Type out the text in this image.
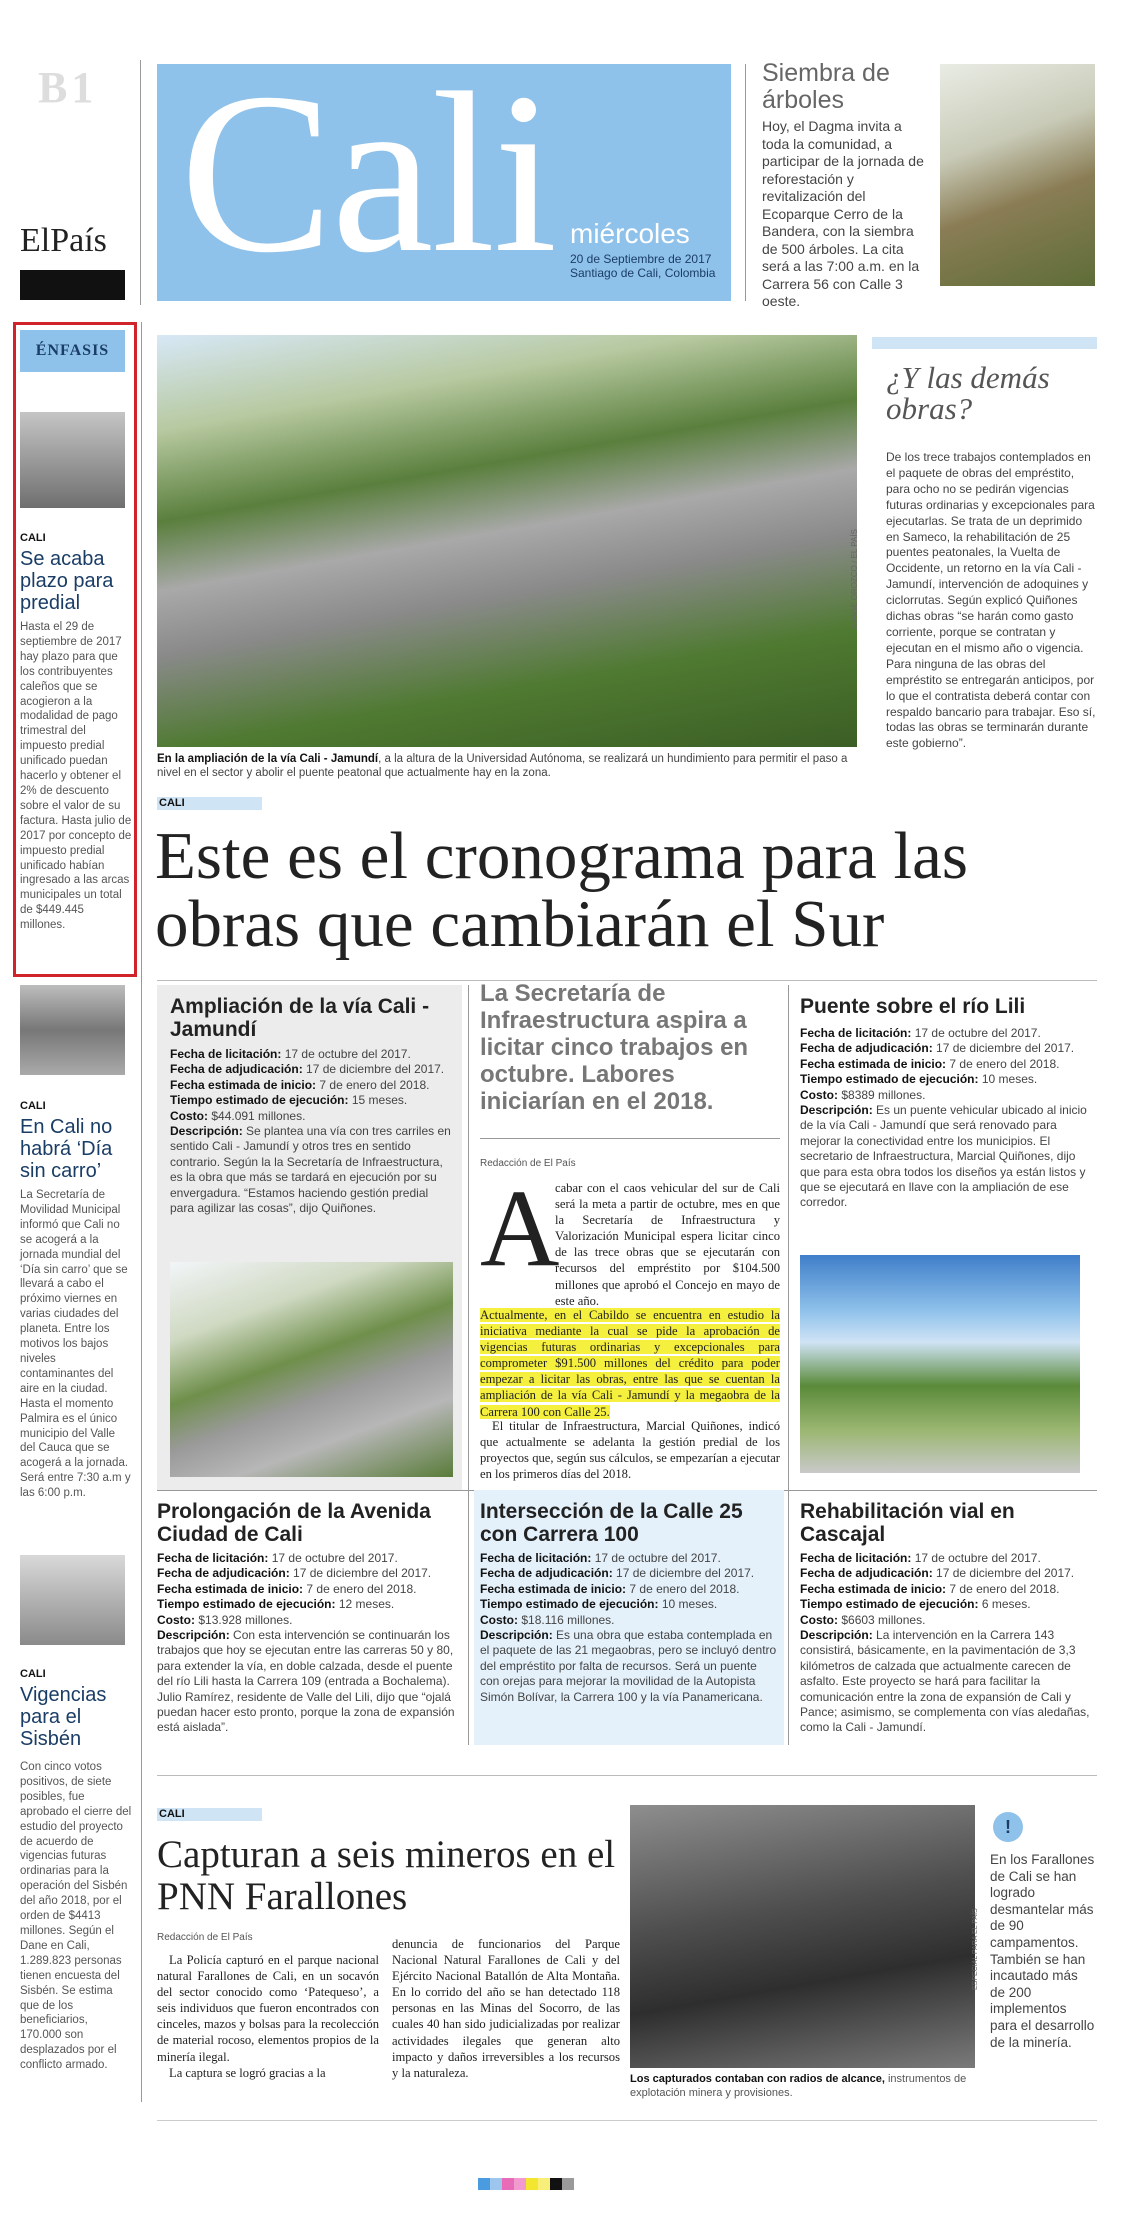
B1
ElPaís Cali miércoles
20 de Septiembre de 2017
Santiago de Cali, Colombia
Siembra de árboles
Hoy, el Dagma invita a toda la comunidad, a participar de la jornada de reforestación y revitalización del Ecoparque Cerro de la Bandera, con la siembra de 500 árboles. La cita será a las 7:00 a.m. en la Carrera 56 con Calle 3 oeste.
ÉNFASIS
CALI
Se acaba plazo para predial
Hasta el 29 de septiembre de 2017 hay plazo para que los contribuyentes caleños que se acogieron a la modalidad de pago trimestral del impuesto predial unificado puedan hacerlo y obtener el 2% de descuento sobre el valor de su factura. Hasta julio de 2017 por concepto de impuesto predial unificado habían ingresado a las arcas municipales un total de $449.445 millones.
CALI
En Cali no habrá ‘Día sin carro’
La Secretaría de Movilidad Municipal informó que Cali no se acogerá a la jornada mundial del ‘Día sin carro’ que se llevará a cabo el próximo viernes en varias ciudades del planeta. Entre los motivos los bajos niveles contaminantes del aire en la ciudad. Hasta el momento Palmira es el único municipio del Valle del Cauca que se acogerá a la jornada. Será entre 7:30 a.m y las 6:00 p.m.
CALI
Vigencias para el Sisbén
Con cinco votos positivos, de siete posibles, fue aprobado el cierre del estudio del proyecto de acuerdo de vigencias futuras ordinarias para la operación del Sisbén del año 2018, por el orden de $4413 millones. Según el Dane en Cali, 1.289.823 personas tienen encuesta del Sisbén. Se estima que de los beneficiarios, 170.000 son desplazados por el conflicto armado.
JORGE OROZCO / EL PAÍS
En la ampliación de la vía Cali - Jamundí, a la altura de la Universidad Autónoma, se realizará un hundimiento para permitir el paso a nivel en el sector y abolir el puente peatonal que actualmente hay en la zona.
¿Y las demás obras?
De los trece trabajos contemplados en el paquete de obras del empréstito, para ocho no se pedirán vigencias futuras ordinarias y excepcionales para ejecutarlas. Se trata de un deprimido en Sameco, la rehabilitación de 25 puentes peatonales, la Vuelta de Occidente, un retorno en la vía Cali - Jamundí, intervención de adoquines y ciclorrutas. Según explicó Quiñones dichas obras “se harán como gasto corriente, porque se contratan y ejecutan en el mismo año o vigencia. Para ninguna de las obras del empréstito se entregarán anticipos, por lo que el contratista deberá contar con respaldo bancario para trabajar. Eso sí, todas las obras se terminarán durante este gobierno”.
CALI
Este es el cronograma para las obras que cambiarán el Sur
Ampliación de la vía Cali - Jamundí
Fecha de licitación: 17 de octubre del 2017.
Fecha de adjudicación: 17 de diciembre del 2017.
Fecha estimada de inicio: 7 de enero del 2018.
Tiempo estimado de ejecución: 15 meses.
Costo: $44.091 millones.
Descripción: Se plantea una vía con tres carriles en sentido Cali - Jamundí y otros tres en sentido contrario. Según la la Secretaría de Infraestructura, es la obra que más se tardará en ejecución por su envergadura. “Estamos haciendo gestión predial para agilizar las cosas”, dijo Quiñones.
La Secretaría de Infraestructura aspira a licitar cinco trabajos en octubre. Labores iniciarían en el 2018.
Redacción de El País
A
cabar con el caos vehicular del sur de Cali será la meta a partir de octubre, mes en que la Secretaría de Infraestructura y Valorización Municipal espera licitar cinco de las trece obras que se ejecutarán con recursos del empréstito por $104.500 millones que aprobó el Concejo en mayo de este año.
Actualmente, en el Cabildo se encuentra en estudio la iniciativa mediante la cual se pide la aprobación de vigencias futuras ordinarias y excepcionales para comprometer $91.500 millones del crédito para poder empezar a licitar las obras, entre las que se cuentan la ampliación de la vía Cali - Jamundí y la megaobra de la Carrera 100 con Calle 25.
El titular de Infraestructura, Marcial Quiñones, indicó que actualmente se adelanta la gestión predial de los proyectos que, según sus cálculos, se empezarían a ejecutar en los primeros días del 2018.
Puente sobre el río Lili
Fecha de licitación: 17 de octubre del 2017.
Fecha de adjudicación: 17 de diciembre del 2017.
Fecha estimada de inicio: 7 de enero del 2018.
Tiempo estimado de ejecución: 10 meses.
Costo: $8389 millones.
Descripción: Es un puente vehicular ubicado al inicio de la vía Cali - Jamundí que será renovado para mejorar la conectividad entre los municipios. El secretario de Infraestructura, Marcial Quiñones, dijo que para esta obra todos los diseños ya están listos y que se ejecutará en llave con la ampliación de ese corredor.
Prolongación de la Avenida Ciudad de Cali
Fecha de licitación: 17 de octubre del 2017.
Fecha de adjudicación: 17 de diciembre del 2017.
Fecha estimada de inicio: 7 de enero del 2018.
Tiempo estimado de ejecución: 12 meses.
Costo: $13.928 millones.
Descripción: Con esta intervención se continuarán los trabajos que hoy se ejecutan entre las carreras 50 y 80, para extender la vía, en doble calzada, desde el puente del río Lili hasta la Carrera 109 (entrada a Bochalema). Julio Ramírez, residente de Valle del Lili, dijo que “ojalá puedan hacer esto pronto, porque la zona de expansión está aislada”.
Intersección de la Calle 25 con Carrera 100
Fecha de licitación: 17 de octubre del 2017.
Fecha de adjudicación: 17 de diciembre del 2017.
Fecha estimada de inicio: 7 de enero del 2018.
Tiempo estimado de ejecución: 10 meses.
Costo: $18.116 millones.
Descripción: Es una obra que estaba contemplada en el paquete de las 21 megaobras, pero se incluyó dentro del empréstito por falta de recursos. Será un puente con orejas para mejorar la movilidad de la Autopista Simón Bolívar, la Carrera 100 y la vía Panamericana.
Rehabilitación vial en Cascajal
Fecha de licitación: 17 de octubre del 2017.
Fecha de adjudicación: 17 de diciembre del 2017.
Fecha estimada de inicio: 7 de enero del 2018.
Tiempo estimado de ejecución: 6 meses.
Costo: $6603 millones.
Descripción: La intervención en la Carrera 143 consistirá, básicamente, en la pavimentación de 3,3 kilómetros de calzada que actualmente carecen de asfalto. Este proyecto se hará para facilitar la comunicación entre la zona de expansión de Cali y Pance; asimismo, se complementa con vías aledañas, como la Cali - Jamundí.
CALI
Capturan a seis mineros en el PNN Farallones
Redacción de El País
La Policía capturó en el parque nacional natural Farallones de Cali, en un socavón del sector conocido como ‘Patequeso’, a seis individuos que fueron encontrados con cinceles, mazos y bolsas para la recolección de material rocoso, elementos propios de la minería ilegal.
La captura se logró gracias a la
denuncia de funcionarios del Parque Nacional Natural Farallones de Cali y del Ejército Nacional Batallón de Alta Montaña. En lo corrido del año se han detectado 118 personas en las Minas del Socorro, de las cuales 40 han sido judicializadas por realizar actividades ilegales que generan alto impacto y daños irreversibles a los recursos y la naturaleza.
ESPECIAL PARA EL PAÍS
Los capturados contaban con radios de alcance, instrumentos de explotación minera y provisiones.
!
En los Farallones de Cali se han logrado desmantelar más de 90 campamentos. También se han incautado más de 200 implementos para el desarrollo de la minería.
